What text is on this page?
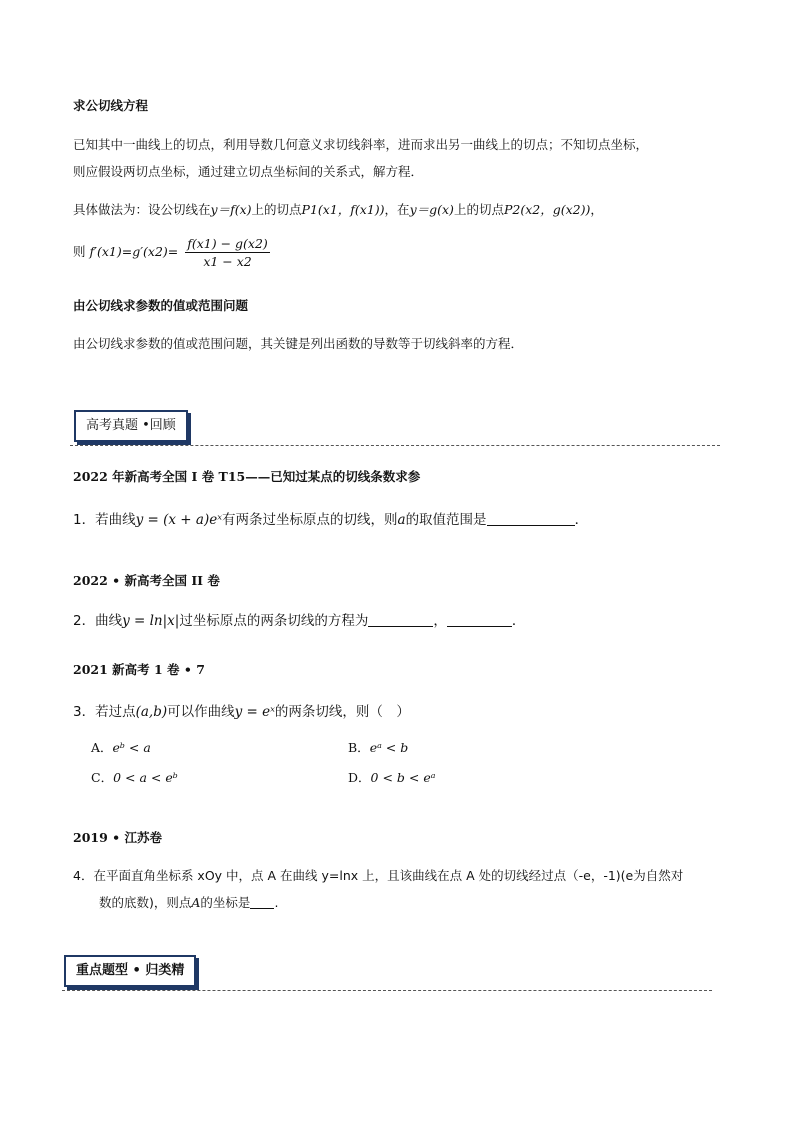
求公切线方程
已知其中一曲线上的切点，利用导数几何意义求切线斜率，进而求出另一曲线上的切点；不知切点坐标，
则应假设两切点坐标，通过建立切点坐标间的关系式，解方程．
具体做法为：设公切线在y＝f(x)上的切点P1(x1，f(x1))，在y＝g(x)上的切点P2(x2，g(x2))，
则 $f'(x1)=g'(x2)= \frac{f(x1) - g(x2)}{x1 - x2}$
由公切线求参数的值或范围问题
由公切线求参数的值或范围问题，其关键是列出函数的导数等于切线斜率的方程．
高考真题 •回顾
2022 年新高考全国 I 卷 T15——已知过某点的切线条数求参
1．若曲线y = (x + a)eˣ有两条过坐标原点的切线，则a的取值范围是	．
2022 • 新高考全国 II 卷
2．曲线y = ln|x|过坐标原点的两条切线的方程为	，	．
2021 新高考 1 卷 • 7
3．若过点(a,b)可以作曲线y = eˣ的两条切线，则（　）
A．eᵇ < a	B．eᵃ < b
C．0 < a < eᵇ	D．0 < b < eᵃ
2019 • 江苏卷
4．在平面直角坐标系 xOy 中，点 A 在曲线 y=lnx 上，且该曲线在点 A 处的切线经过点（-e，-1)(e为自然对
数的底数)，则点A的坐标是 .
重点题型 • 归类精
